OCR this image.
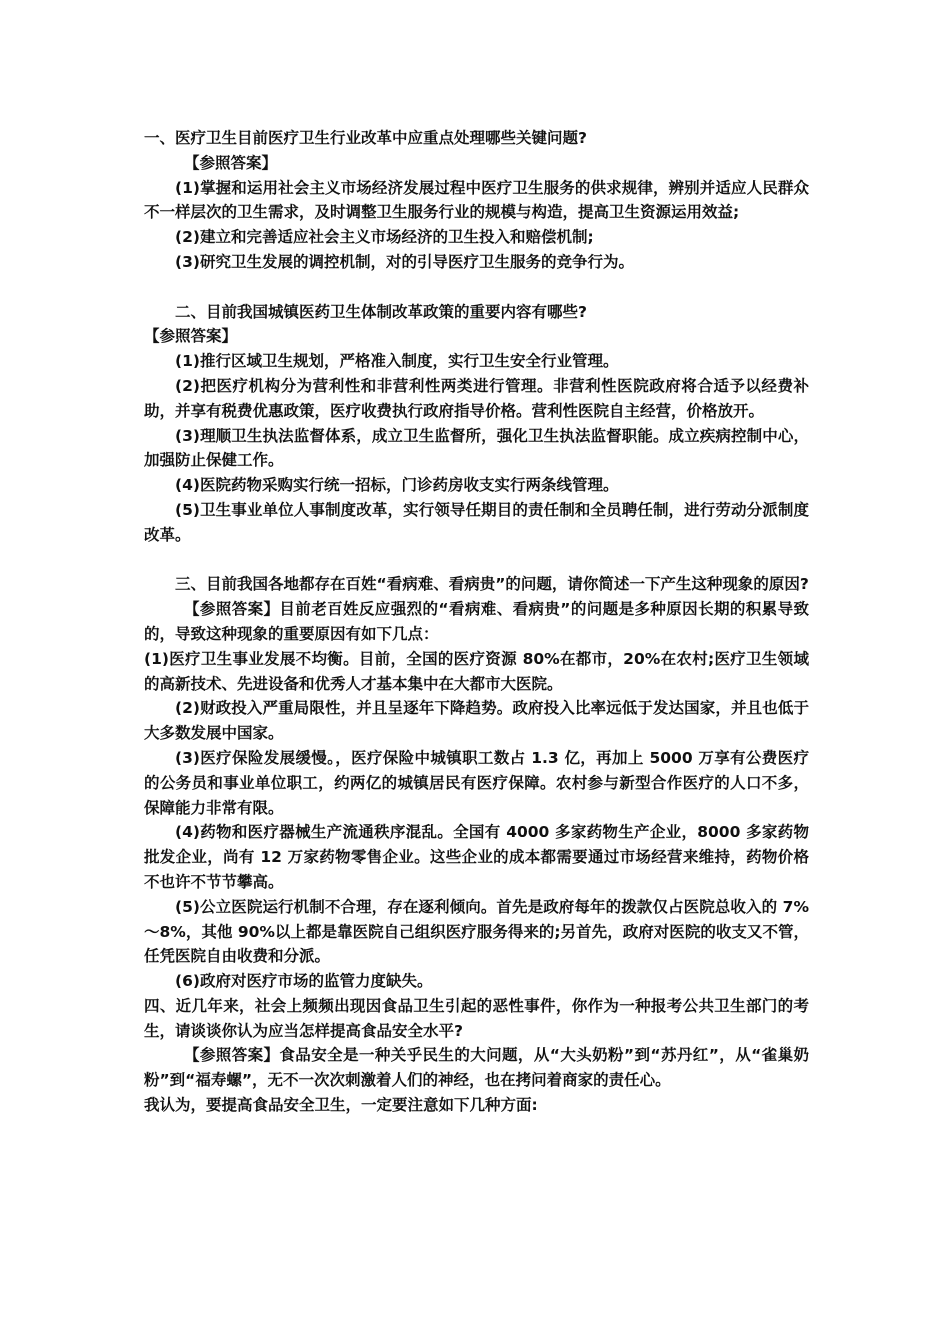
一、医疗卫生目前医疗卫生行业改革中应重点处理哪些关键问题?

【参照答案】

(1)掌握和运用社会主义市场经济发展过程中医疗卫生服务的供求规律，辨别并适应人民群众不一样层次的卫生需求，及时调整卫生服务行业的规模与构造，提高卫生资源运用效益;

(2)建立和完善适应社会主义市场经济的卫生投入和赔偿机制;

(3)研究卫生发展的调控机制，对的引导医疗卫生服务的竞争行为。

二、目前我国城镇医药卫生体制改革政策的重要内容有哪些?

【参照答案】

(1)推行区域卫生规划，严格准入制度，实行卫生安全行业管理。

(2)把医疗机构分为营利性和非营利性两类进行管理。非营利性医院政府将合适予以经费补助，并享有税费优惠政策，医疗收费执行政府指导价格。营利性医院自主经营，价格放开。

(3)理顺卫生执法监督体系，成立卫生监督所，强化卫生执法监督职能。成立疾病控制中心，加强防止保健工作。

(4)医院药物采购实行统一招标，门诊药房收支实行两条线管理。

(5)卫生事业单位人事制度改革，实行领导任期目的责任制和全员聘任制，进行劳动分派制度改革。

三、目前我国各地都存在百姓“看病难、看病贵”的问题，请你简述一下产生这种现象的原因?

【参照答案】目前老百姓反应强烈的“看病难、看病贵”的问题是多种原因长期的积累导致的，导致这种现象的重要原因有如下几点：

(1)医疗卫生事业发展不均衡。目前，全国的医疗资源 80%在都市，20%在农村;医疗卫生领域的高新技术、先进设备和优秀人才基本集中在大都市大医院。

(2)财政投入严重局限性，并且呈逐年下降趋势。政府投入比率远低于发达国家，并且也低于大多数发展中国家。

(3)医疗保险发展缓慢。，医疗保险中城镇职工数占 1.3 亿，再加上 5000 万享有公费医疗的公务员和事业单位职工，约两亿的城镇居民有医疗保障。农村参与新型合作医疗的人口不多，保障能力非常有限。

(4)药物和医疗器械生产流通秩序混乱。全国有 4000 多家药物生产企业，8000 多家药物批发企业，尚有 12 万家药物零售企业。这些企业的成本都需要通过市场经营来维持，药物价格不也许不节节攀高。

(5)公立医院运行机制不合理，存在逐利倾向。首先是政府每年的拨款仅占医院总收入的 7%～8%，其他 90%以上都是靠医院自己组织医疗服务得来的;另首先，政府对医院的收支又不管，任凭医院自由收费和分派。

(6)政府对医疗市场的监管力度缺失。

四、近几年来，社会上频频出现因食品卫生引起的恶性事件，你作为一种报考公共卫生部门的考生，请谈谈你认为应当怎样提高食品安全水平?

【参照答案】食品安全是一种关乎民生的大问题，从“大头奶粉”到“苏丹红”，从“雀巢奶粉”到“福寿螺”，无不一次次刺激着人们的神经，也在拷问着商家的责任心。

我认为，要提高食品安全卫生，一定要注意如下几种方面:
